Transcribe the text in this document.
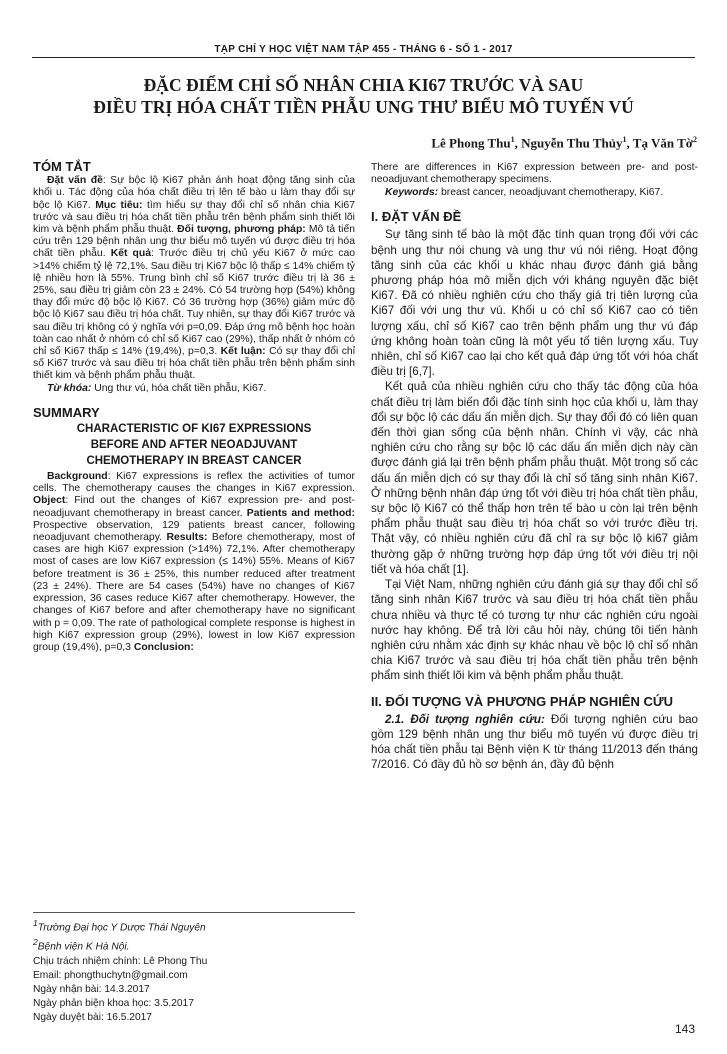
TẠP CHÍ Y HỌC VIỆT NAM TẬP 455 - THÁNG 6 - SỐ 1 - 2017
ĐẶC ĐIỂM CHỈ SỐ NHÂN CHIA KI67 TRƯỚC VÀ SAU
ĐIỀU TRỊ HÓA CHẤT TIỀN PHẪU UNG THƯ BIỂU MÔ TUYẾN VÚ
Lê Phong Thu$^1$, Nguyễn Thu Thủy$^1$, Tạ Văn Tờ$^2$
TÓM TẮT

Đặt vấn đề: Sự bộc lộ Ki67 phản ánh hoạt động tăng sinh của khối u. Tác động của hóa chất điều trị lên tế bào u làm thay đổi sự bộc lộ Ki67. Mục tiêu: tìm hiểu sự thay đổi chỉ số nhân chia Ki67 trước và sau điều trị hóa chất tiền phẫu trên bệnh phẩm sinh thiết lõi kim và bệnh phẩm phẫu thuật. Đối tượng, phương pháp: Mô tả tiến cứu trên 129 bệnh nhân ung thư biểu mô tuyến vú được điều trị hóa chất tiền phẫu. Kết quả: Trước điều trị chủ yếu Ki67 ở mức cao >14% chiếm tỷ lệ 72,1%. Sau điều trị Ki67 bộc lộ thấp ≤ 14% chiếm tỷ lệ nhiều hơn là 55%. Trung bình chỉ số Ki67 trước điều trị là 36 ± 25%, sau điều trị giảm còn 23 ± 24%. Có 54 trường hợp (54%) không thay đổi mức độ bộc lộ Ki67. Có 36 trường hợp (36%) giảm mức độ bộc lộ Ki67 sau điều trị hóa chất. Tuy nhiên, sự thay đổi Ki67 trước và sau điều trị không có ý nghĩa với p=0,09. Đáp ứng mô bệnh học hoàn toàn cao nhất ở nhóm có chỉ số Ki67 cao (29%), thấp nhất ở nhóm có chỉ số Ki67 thấp ≤ 14% (19,4%), p=0,3. Kết luận: Có sự thay đổi chỉ số Ki67 trước và sau điều trị hóa chất tiền phẫu trên bệnh phẩm sinh thiết kim và bệnh phẩm phẫu thuật.

Từ khóa: Ung thư vú, hóa chất tiền phẫu, Ki67.

SUMMARY
CHARACTERISTIC OF KI67 EXPRESSIONS
BEFORE AND AFTER NEOADJUVANT
CHEMOTHERAPY IN BREAST CANCER

Background: Ki67 expressions is reflex the activities of tumor cells. The chemotherapy causes the changes in Ki67 expression. Object: Find out the changes of Ki67 expression pre- and post-neoadjuvant chemotherapy in breast cancer. Patients and method: Prospective observation, 129 patients breast cancer, following neoadjuvant chemotherapy. Results: Before chemotherapy, most of cases are high Ki67 expression (>14%) 72,1%. After chemotherapy most of cases are low Ki67 expression (≤ 14%) 55%. Means of Ki67 before treatment is 36 ± 25%, this number reduced after treatment (23 ± 24%). There are 54 cases (54%) have no changes of Ki67 expression, 36 cases reduce Ki67 after chemotherapy. However, the changes of Ki67 before and after chemotherapy have no significant with p = 0,09. The rate of pathological complete response is highest in high Ki67 expression group (29%), lowest in low Ki67 expression group (19,4%), p=0,3 Conclusion:

$^1$Trường Đại học Y Dược Thái Nguyên
$^2$Bệnh viện K Hà Nội.
Chịu trách nhiệm chính: Lê Phong Thu
Email: phongthuchytn@gmail.com
Ngày nhận bài: 14.3.2017
Ngày phản biện khoa học: 3.5.2017
Ngày duyệt bài: 16.5.2017

There are differences in Ki67 expression between pre- and post- neoadjuvant chemotherapy specimens.

Keywords: breast cancer, neoadjuvant chemotherapy, Ki67.

I. ĐẶT VẤN ĐỀ

Sự tăng sinh tế bào là một đặc tính quan trọng đối với các bệnh ung thư nói chung và ung thư vú nói riêng. Hoạt động tăng sinh của các khối u khác nhau được đánh giá bằng phương pháp hóa mô miễn dịch với kháng nguyên đặc biệt Ki67. Đã có nhiều nghiên cứu cho thấy giá trị tiên lượng của Ki67 đối với ung thư vú. Khối u có chỉ số Ki67 cao có tiên lượng xấu, chỉ số Ki67 cao trên bệnh phẩm ung thư vú đáp ứng không hoàn toàn cũng là một yếu tố tiên lượng xấu. Tuy nhiên, chỉ số Ki67 cao lại cho kết quả đáp ứng tốt với hóa chất điều trị [6,7].

Kết quả của nhiều nghiên cứu cho thấy tác động của hóa chất điều trị làm biến đổi đặc tính sinh học của khối u, làm thay đổi sự bộc lộ các dấu ấn miễn dịch. Sự thay đổi đó có liên quan đến thời gian sống của bệnh nhân. Chính vì vậy, các nhà nghiên cứu cho rằng sự bộc lộ các dấu ấn miễn dịch này cần được đánh giá lại trên bệnh phẩm phẫu thuật. Một trong số các dấu ấn miễn dịch có sự thay đổi là chỉ số tăng sinh nhân Ki67. Ở những bệnh nhân đáp ứng tốt với điều trị hóa chất tiền phẫu, sự bộc lộ Ki67 có thể thấp hơn trên tế bào u còn lại trên bệnh phẩm phẫu thuật sau điều trị hóa chất so với trước điều trị. Thật vậy, có nhiều nghiên cứu đã chỉ ra sự bộc lộ ki67 giảm thường gặp ở những trường hợp đáp ứng tốt với điều trị nội tiết và hóa chất [1].

Tại Việt Nam, những nghiên cứu đánh giá sự thay đổi chỉ số tăng sinh nhân Ki67 trước và sau điều trị hóa chất tiền phẫu chưa nhiều và thực tế có tương tự như các nghiên cứu ngoài nước hay không. Để trả lời câu hỏi này, chúng tôi tiến hành nghiên cứu nhằm xác định sự khác nhau về bộc lộ chỉ số nhân chia Ki67 trước và sau điều trị hóa chất tiền phẫu trên bệnh phẩm sinh thiết lõi kim và bệnh phẩm phẫu thuật.

II. ĐỐI TƯỢNG VÀ PHƯƠNG PHÁP NGHIÊN CỨU

2.1. Đối tượng nghiên cứu: Đối tượng nghiên cứu bao gồm 129 bệnh nhân ung thư biểu mô tuyến vú được điều trị hóa chất tiền phẫu tại Bệnh viện K từ tháng 11/2013 đến tháng 7/2016. Có đầy đủ hồ sơ bệnh án, đầy đủ bệnh

143
